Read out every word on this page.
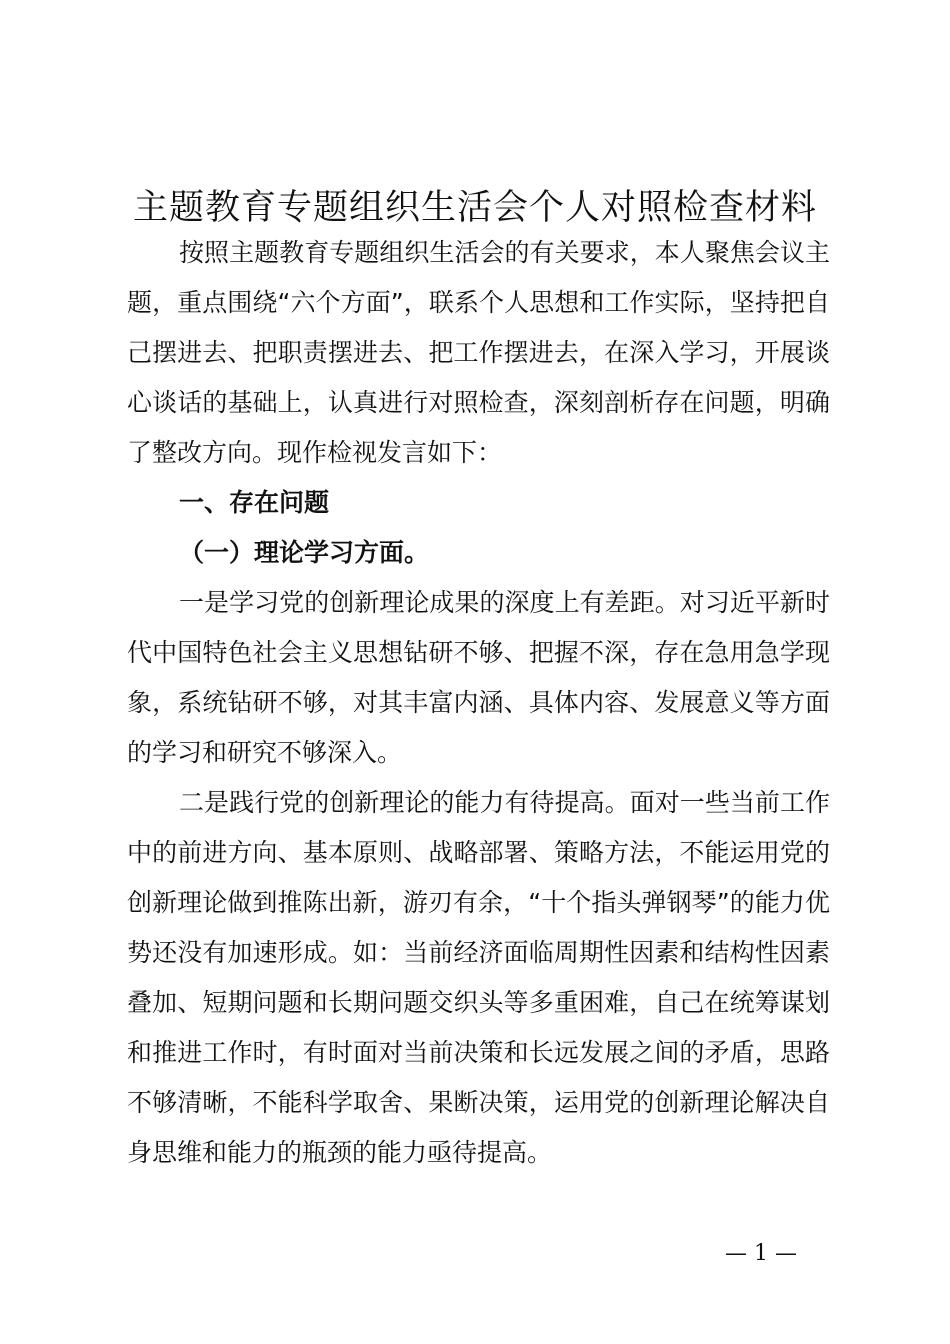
主题教育专题组织生活会个人对照检查材料

按照主题教育专题组织生活会的有关要求，本人聚焦会议主题，重点围绕“六个方面”，联系个人思想和工作实际，坚持把自己摆进去、把职责摆进去、把工作摆进去，在深入学习，开展谈心谈话的基础上，认真进行对照检查，深刻剖析存在问题，明确了整改方向。现作检视发言如下：

一、存在问题

（一）理论学习方面。

一是学习党的创新理论成果的深度上有差距。对习近平新时代中国特色社会主义思想钻研不够、把握不深，存在急用急学现象，系统钻研不够，对其丰富内涵、具体内容、发展意义等方面的学习和研究不够深入。

二是践行党的创新理论的能力有待提高。面对一些当前工作中的前进方向、基本原则、战略部署、策略方法，不能运用党的创新理论做到推陈出新，游刃有余，“十个指头弹钢琴”的能力优势还没有加速形成。如：当前经济面临周期性因素和结构性因素叠加、短期问题和长期问题交织头等多重困难，自己在统筹谋划和推进工作时，有时面对当前决策和长远发展之间的矛盾，思路不够清晰，不能科学取舍、果断决策，运用党的创新理论解决自身思维和能力的瓶颈的能力亟待提高。

— 1 —
